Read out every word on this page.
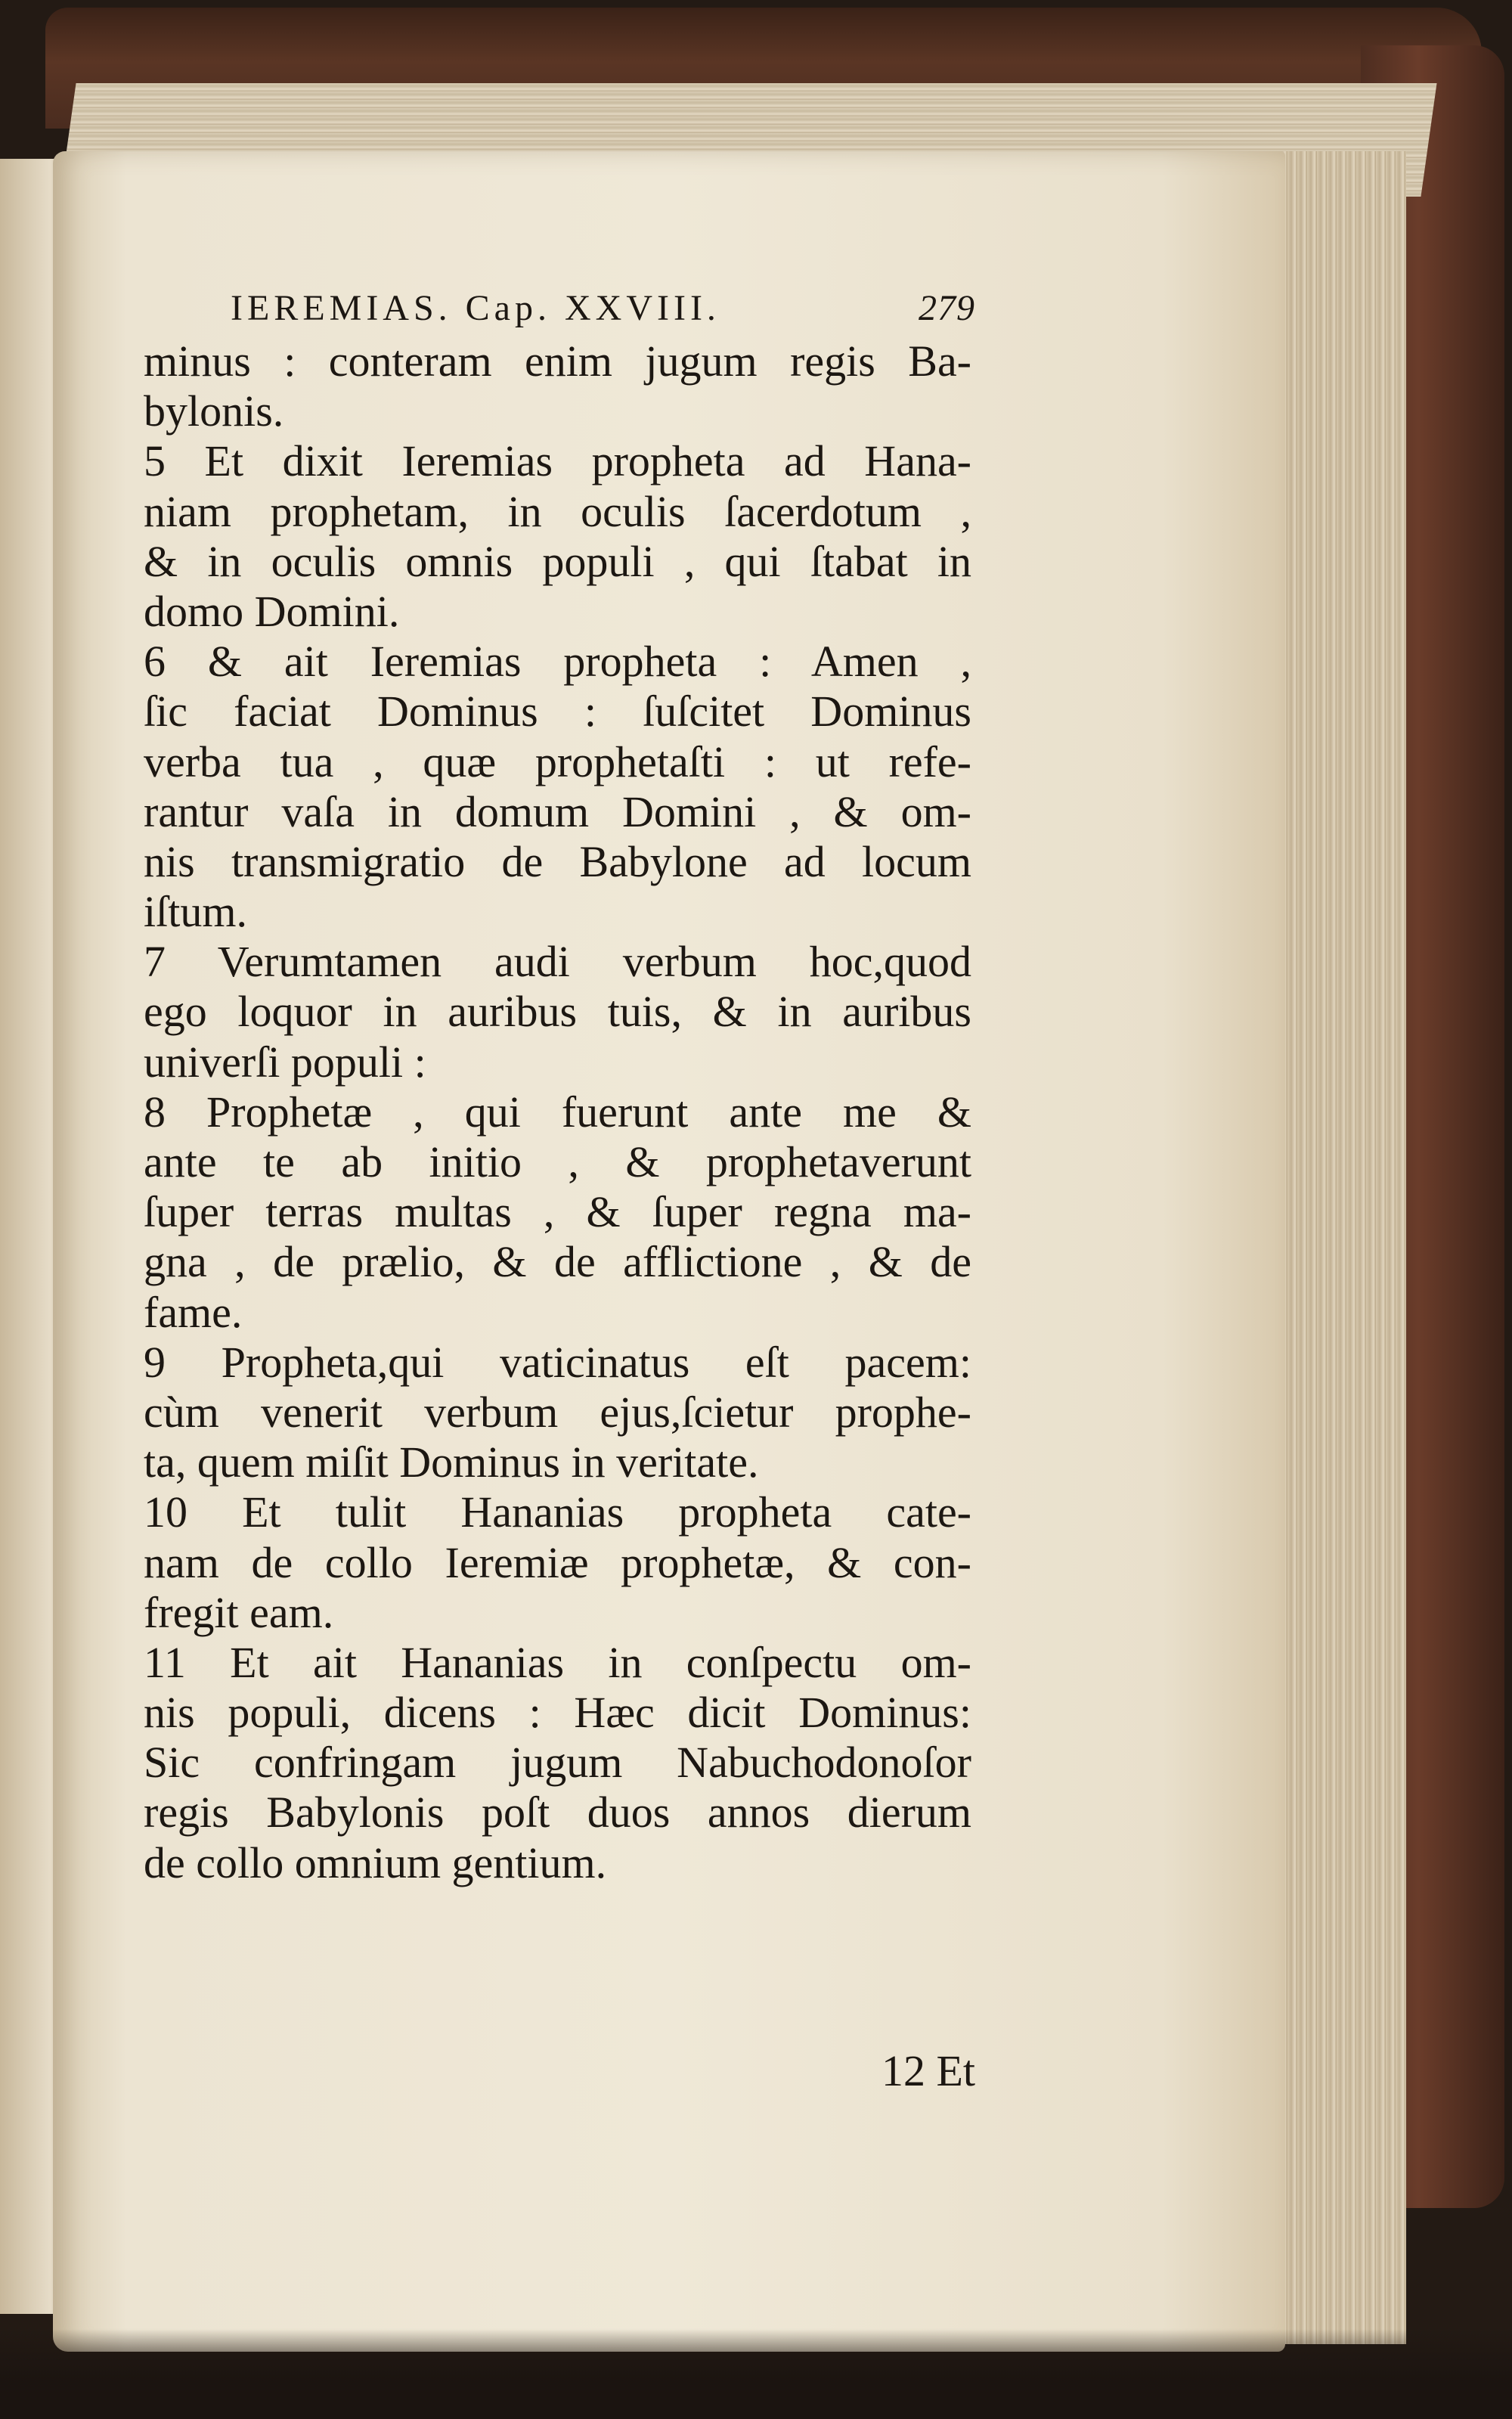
IEREMIAS. Cap. XXVIII.	279
minus : conteram enim jugum regis Ba-
bylonis.
5 Et dixit Ieremias propheta ad Hana-
niam prophetam, in oculis ſacerdotum ,
& in oculis omnis populi , qui ſtabat in
domo Domini.
6 & ait Ieremias propheta : Amen ,
ſic faciat Dominus : ſuſcitet Dominus
verba tua , quæ prophetaſti : ut refe-
rantur vaſa in domum Domini , & om-
nis transmigratio de Babylone ad locum
iſtum.
7 Verumtamen audi verbum hoc,quod
ego loquor in auribus tuis, & in auribus
univerſi populi :
8 Prophetæ , qui fuerunt ante me &
ante te ab initio , & prophetaverunt
ſuper terras multas , & ſuper regna ma-
gna , de prælio, & de afflictione , & de
fame.
9 Propheta,qui vaticinatus eſt pacem:
cùm venerit verbum ejus,ſcietur prophe-
ta, quem miſit Dominus in veritate.
10 Et tulit Hananias propheta cate-
nam de collo Ieremiæ prophetæ, & con-
fregit eam.
11 Et ait Hananias in conſpectu om-
nis populi, dicens : Hæc dicit Dominus:
Sic confringam jugum Nabuchodonoſor
regis Babylonis poſt duos annos dierum
de collo omnium gentium.
12 Et
